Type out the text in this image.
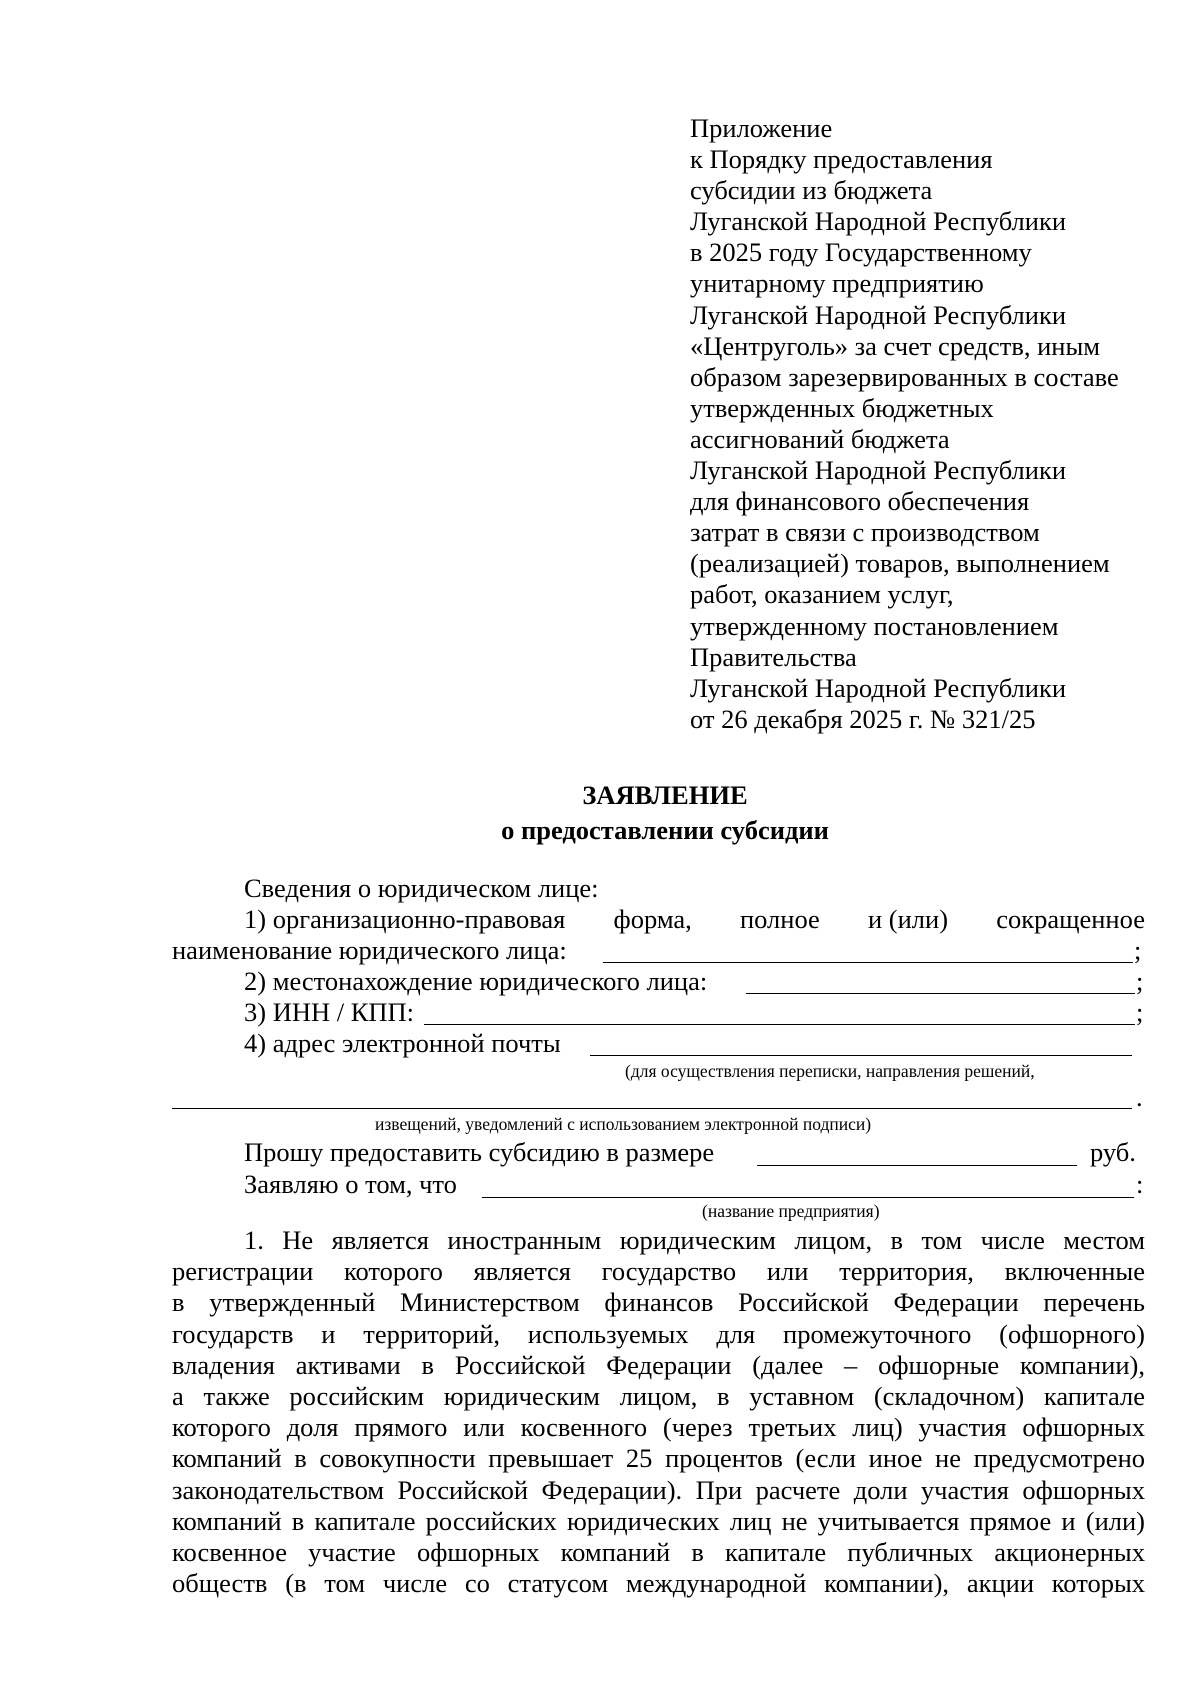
Приложение
к Порядку предоставления
субсидии из бюджета
Луганской Народной Республики
в 2025 году Государственному
унитарному предприятию
Луганской Народной Республики
«Центруголь» за счет средств, иным
образом зарезервированных в составе
утвержденных бюджетных
ассигнований бюджета
Луганской Народной Республики
для финансового обеспечения
затрат в связи с производством
(реализацией) товаров, выполнением
работ, оказанием услуг,
утвержденному постановлением
Правительства
Луганской Народной Республики
от 26 декабря 2025 г. № 321/25
ЗАЯВЛЕНИЕ
о предоставлении субсидии
Сведения о юридическом лице:
1) организационно-правовая форма, полное и (или) сокращенное
наименование юридического лица:	;
2) местонахождение юридического лица:	;
3) ИНН / КПП:	;
4) адрес электронной почты
(для осуществления переписки, направления решений,
.
извещений, уведомлений с использованием электронной подписи)
Прошу предоставить субсидию в размере	руб.
Заявляю о том, что	:
(название предприятия)
1. Не является иностранным юридическим лицом, в том числе местом
регистрации которого является государство или территория, включенные
в утвержденный Министерством финансов Российской Федерации перечень
государств и территорий, используемых для промежуточного (офшорного)
владения активами в Российской Федерации (далее – офшорные компании),
а также российским юридическим лицом, в уставном (складочном) капитале
которого доля прямого или косвенного (через третьих лиц) участия офшорных
компаний в совокупности превышает 25 процентов (если иное не предусмотрено
законодательством Российской Федерации). При расчете доли участия офшорных
компаний в капитале российских юридических лиц не учитывается прямое и (или)
косвенное участие офшорных компаний в капитале публичных акционерных
обществ (в том числе со статусом международной компании), акции которых
